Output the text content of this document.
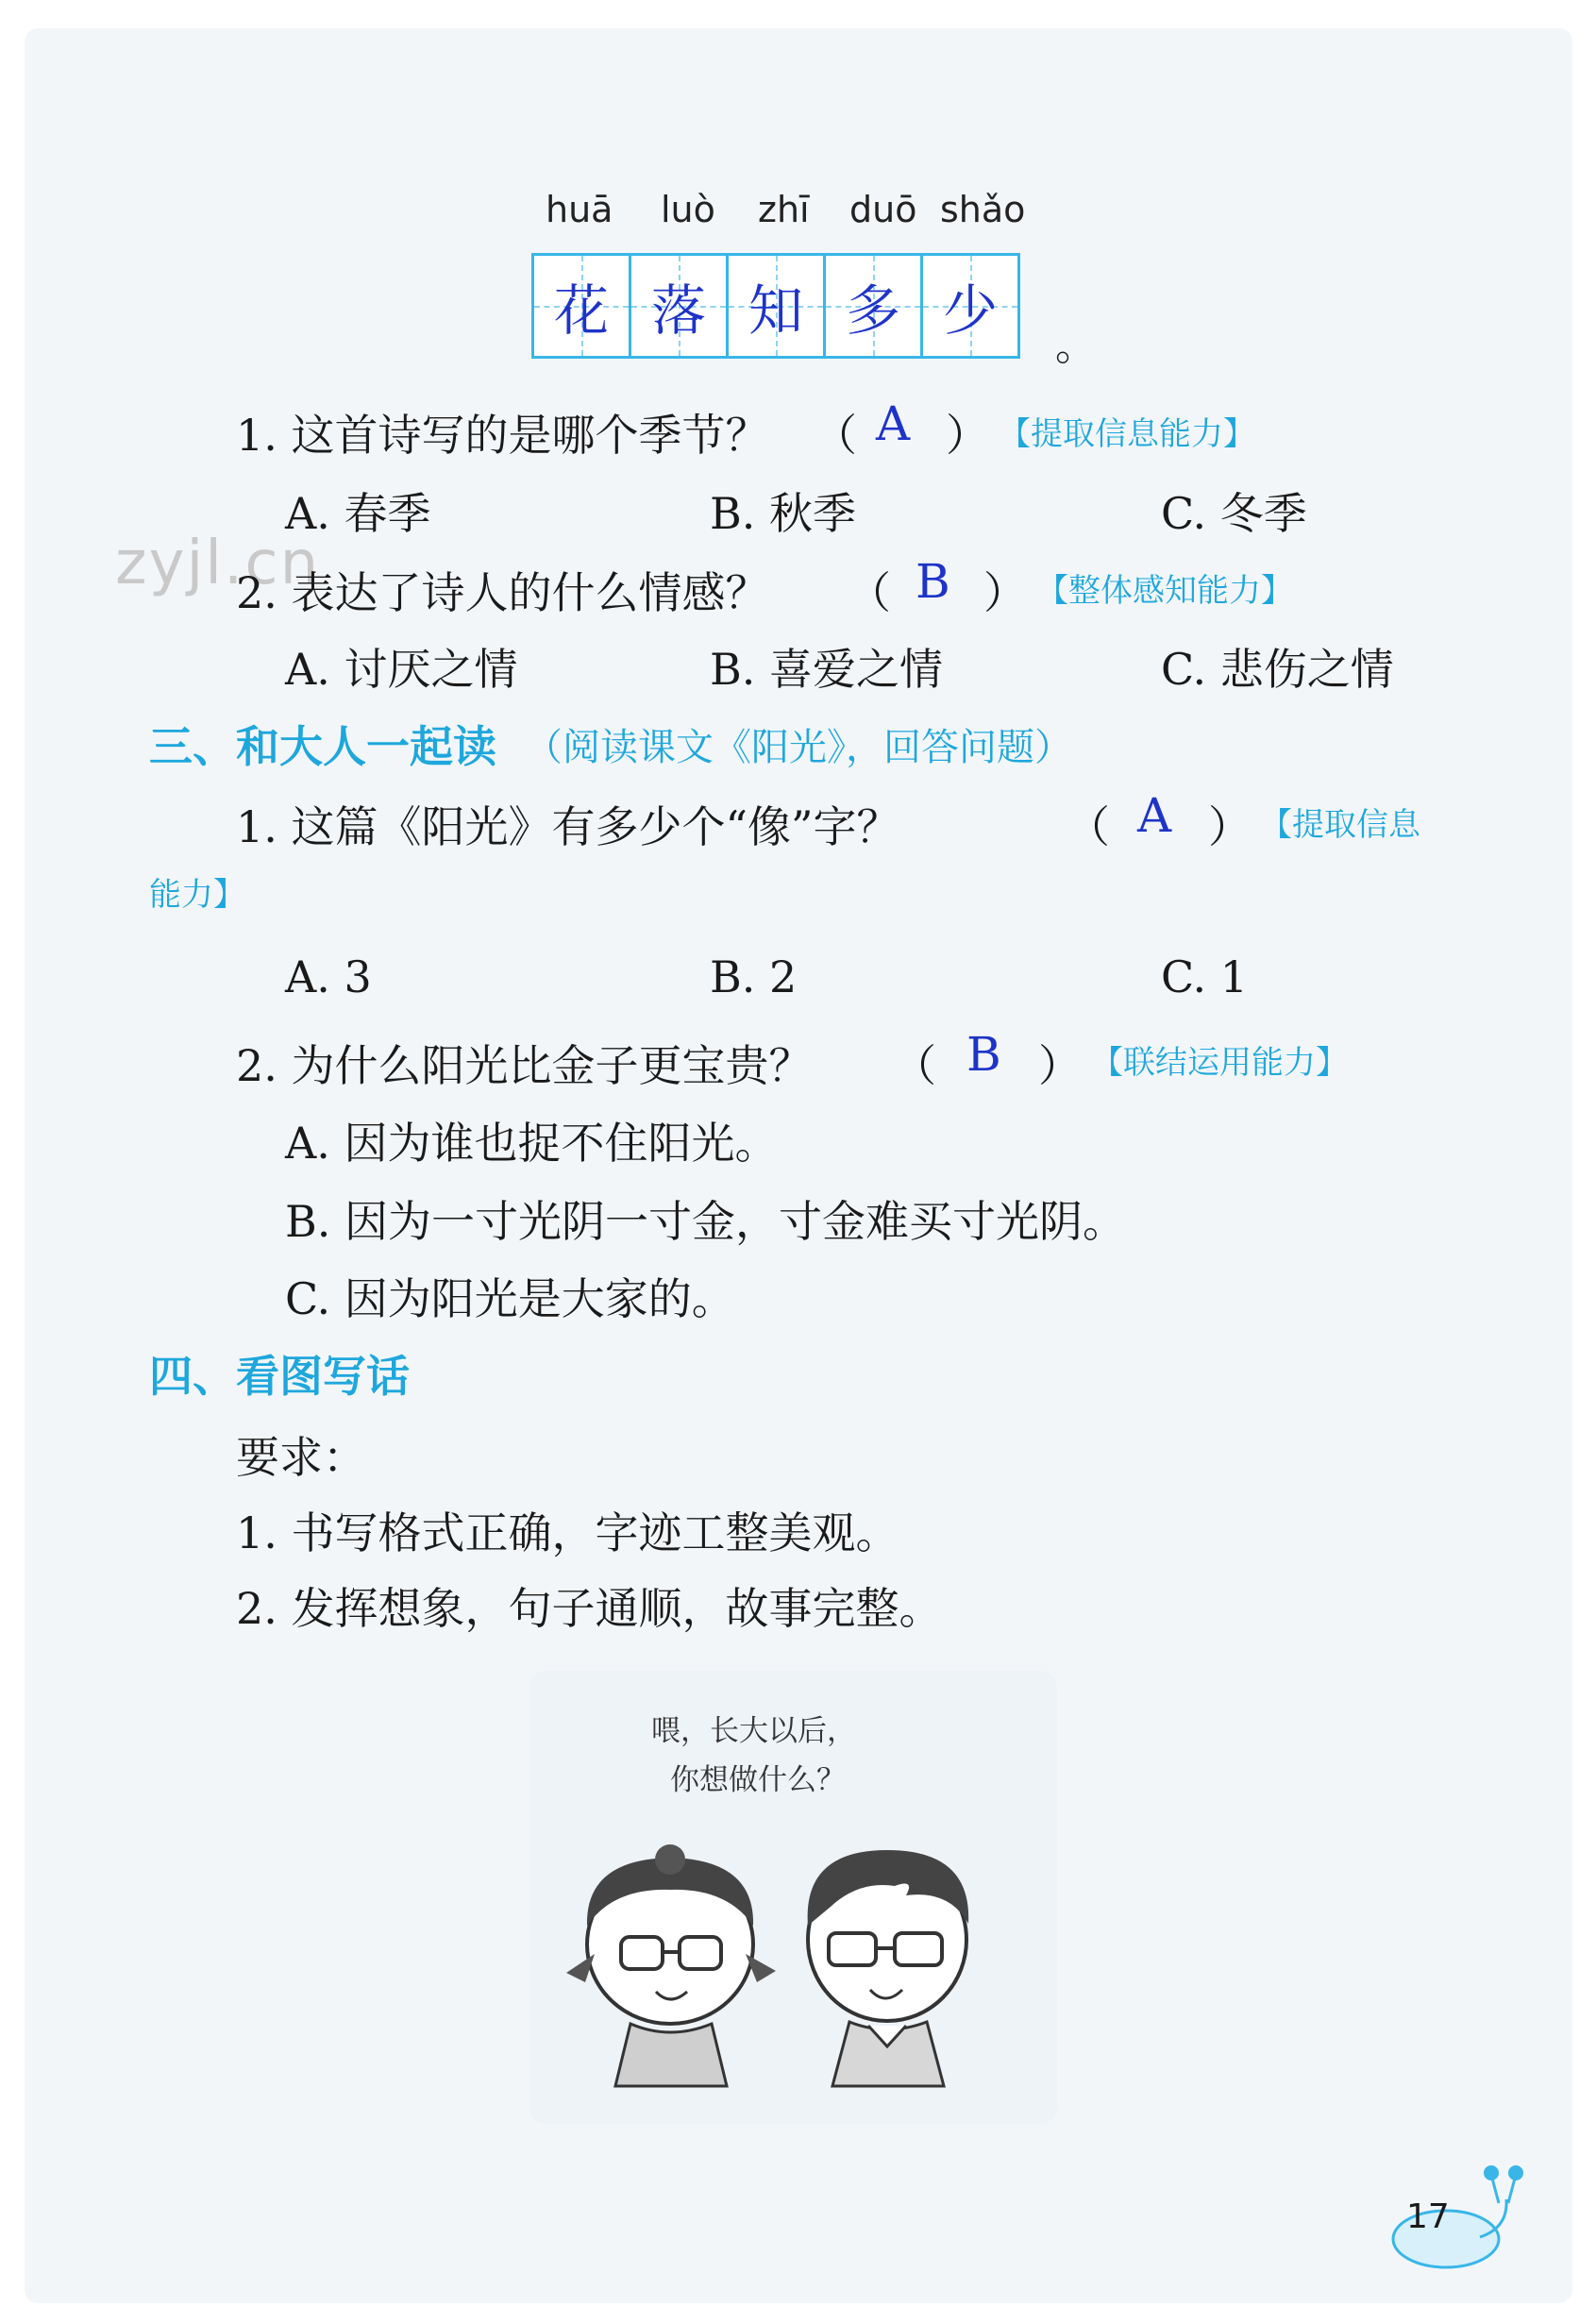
huā luò zhī duō shǎo
花 落 知 多 少
。
1. 这首诗写的是哪个季节？ （ A ） 【提取信息能力】
A. 春季	B. 秋季	C. 冬季
zyjl.cn
2. 表达了诗人的什么情感？ （ B ） 【整体感知能力】
A. 讨厌之情	B. 喜爱之情	C. 悲伤之情
三、和大人一起读 （阅读课文《阳光》，回答问题）
1. 这篇《阳光》有多少个“像”字？	（ A ） 【提取信息
能力】
A. 3	B. 2	C. 1
2. 为什么阳光比金子更宝贵？ （ B ） 【联结运用能力】
A. 因为谁也捉不住阳光。
B. 因为一寸光阴一寸金，寸金难买寸光阴。
C. 因为阳光是大家的。
四、看图写话
要求：
1. 书写格式正确，字迹工整美观。
2. 发挥想象，句子通顺，故事完整。
喂，长大以后，
你想做什么？
17
